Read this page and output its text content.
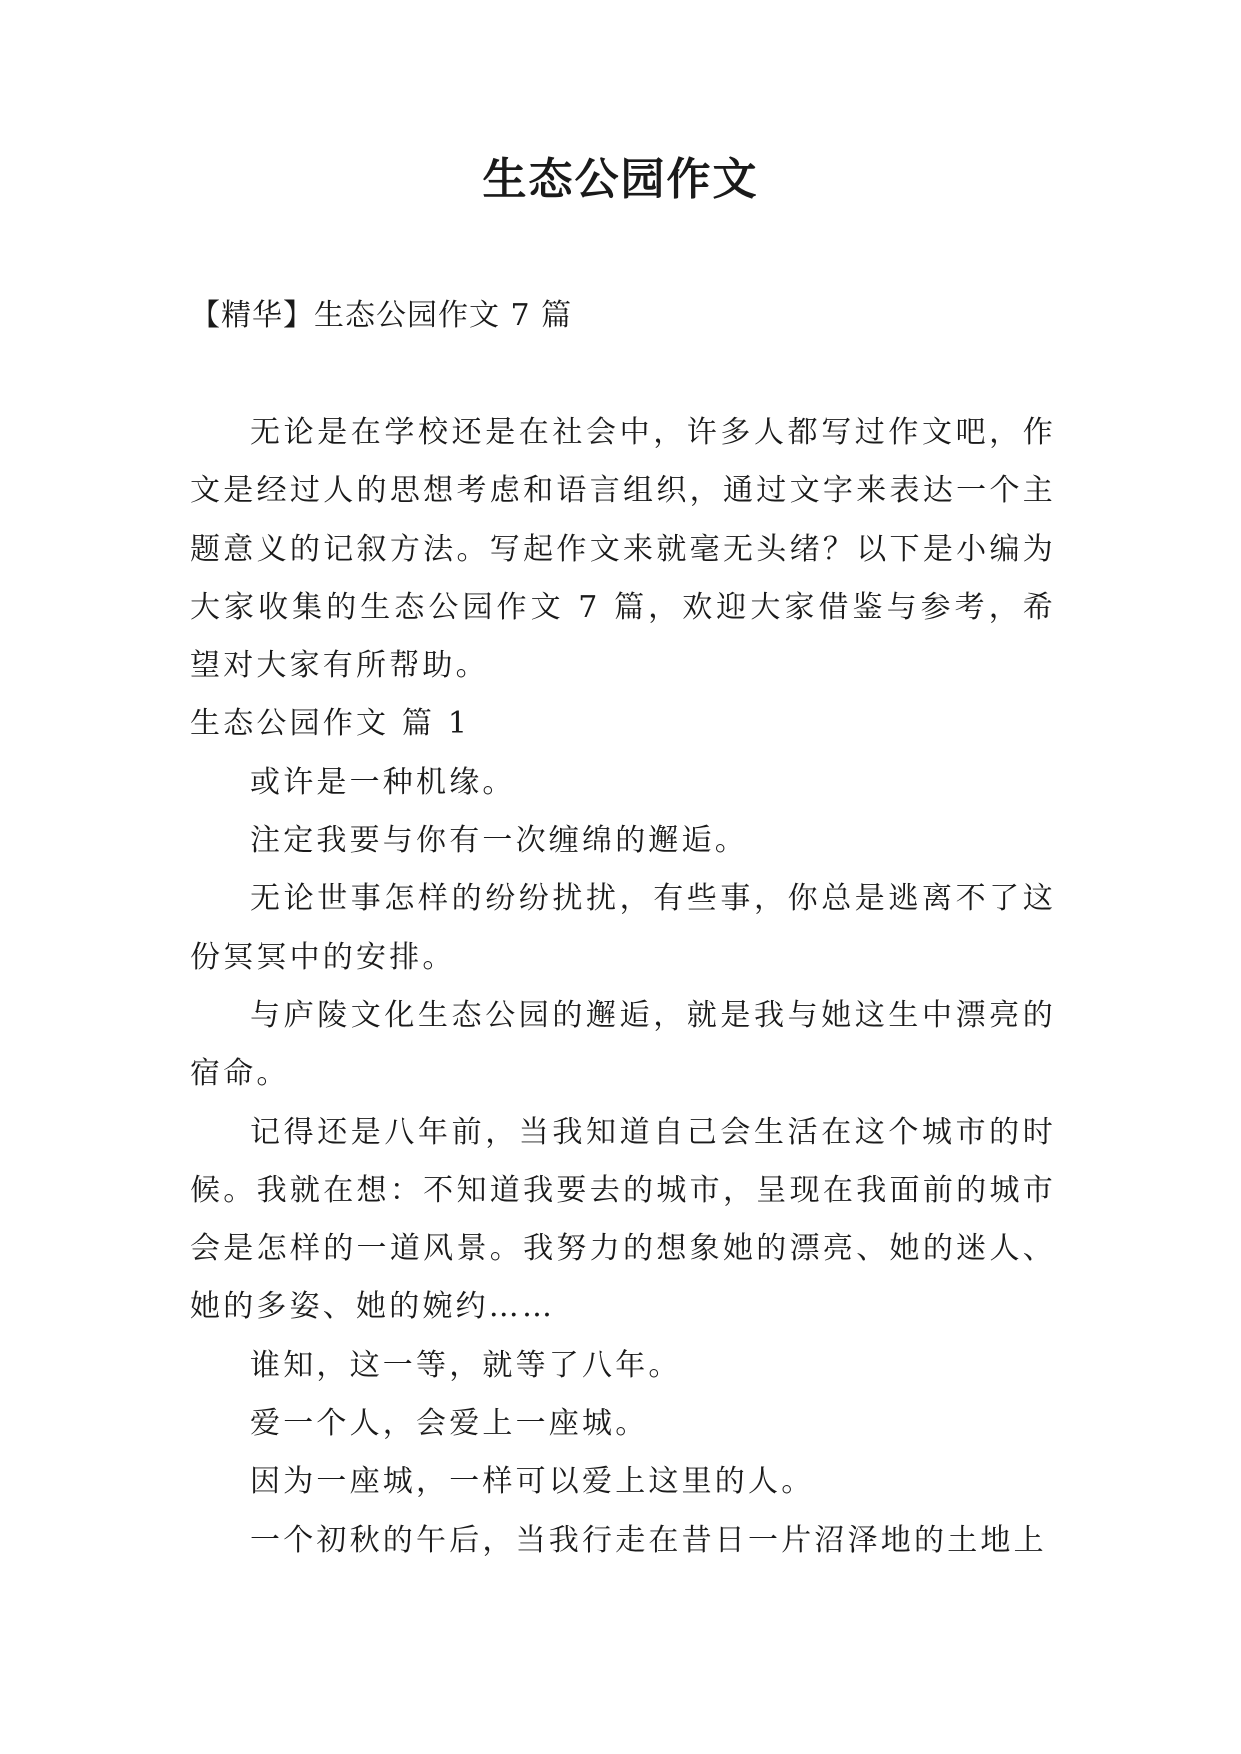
生态公园作文

【精华】生态公园作文 7 篇

无论是在学校还是在社会中，许多人都写过作文吧，作文是经过人的思想考虑和语言组织，通过文字来表达一个主题意义的记叙方法。写起作文来就毫无头绪？以下是小编为大家收集的生态公园作文 7 篇，欢迎大家借鉴与参考，希望对大家有所帮助。

生态公园作文 篇 1

或许是一种机缘。

注定我要与你有一次缠绵的邂逅。

无论世事怎样的纷纷扰扰，有些事，你总是逃离不了这份冥冥中的安排。

与庐陵文化生态公园的邂逅，就是我与她这生中漂亮的宿命。

记得还是八年前，当我知道自己会生活在这个城市的时候。我就在想：不知道我要去的城市，呈现在我面前的城市会是怎样的一道风景。我努力的想象她的漂亮、她的迷人、她的多姿、她的婉约……

谁知，这一等，就等了八年。

爱一个人，会爱上一座城。

因为一座城，一样可以爱上这里的人。

一个初秋的午后，当我行走在昔日一片沼泽地的土地上
